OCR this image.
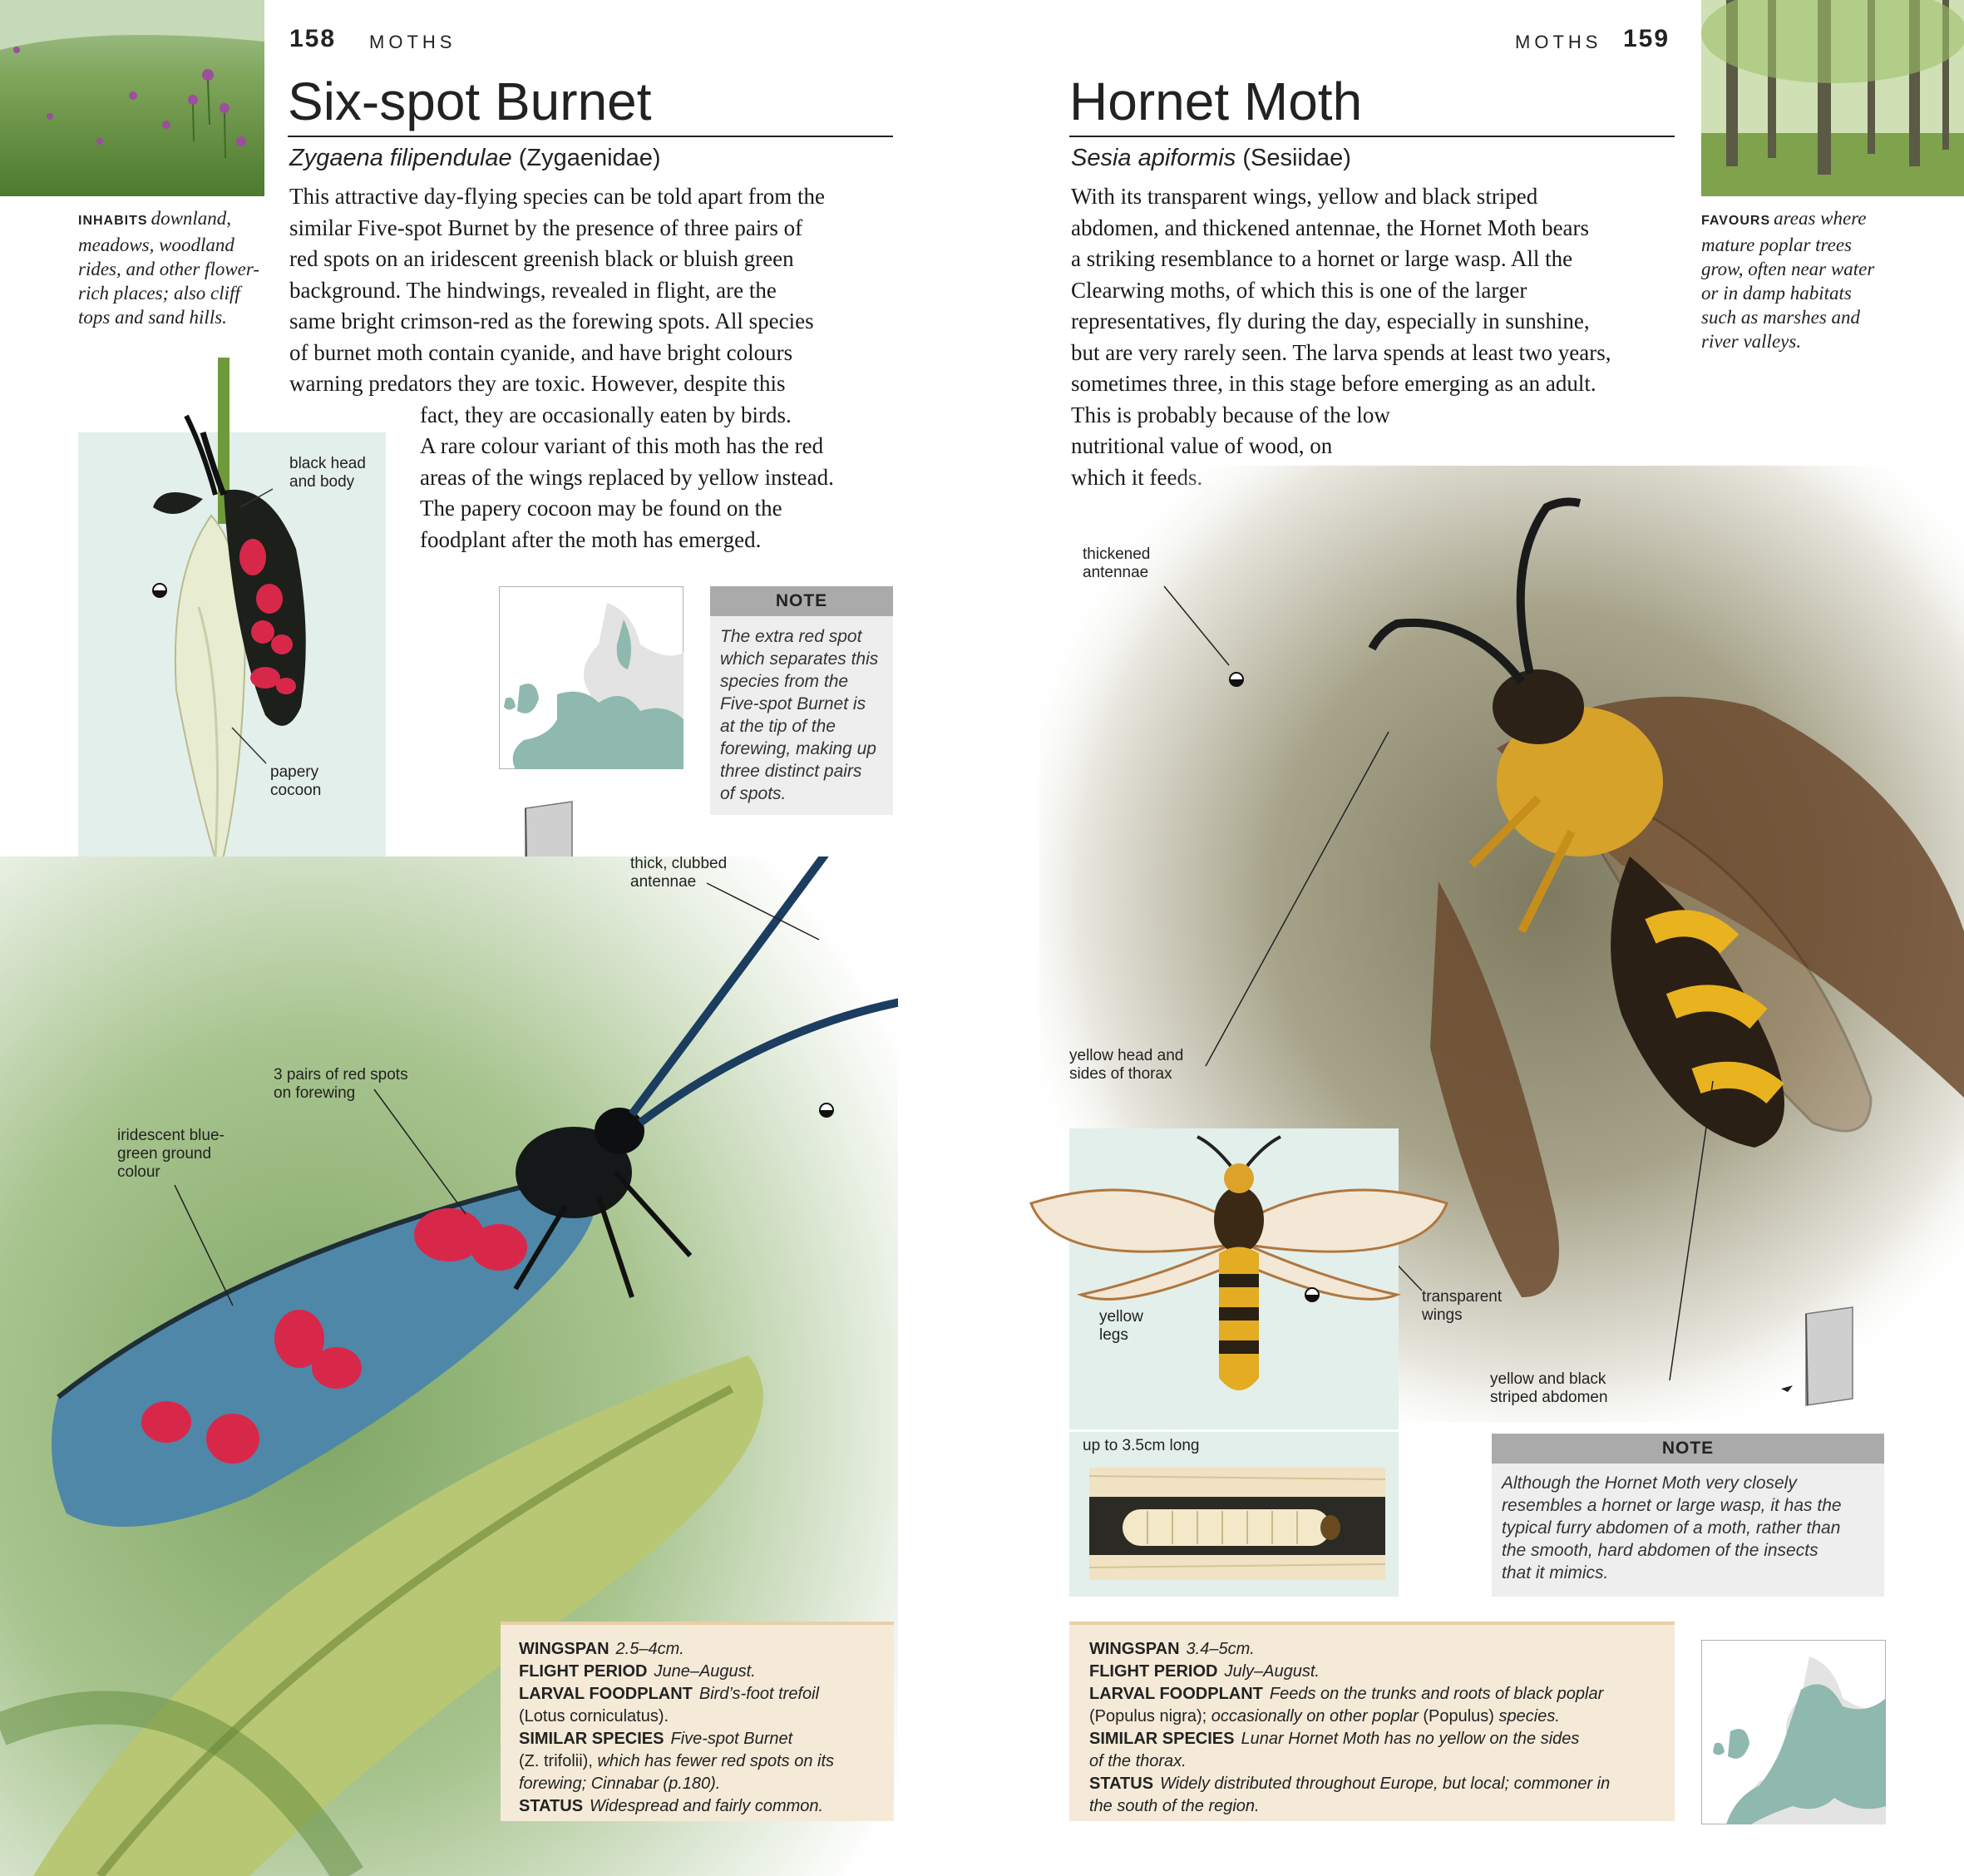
158 MOTHS
Six-spot Burnet
Zygaena filipendulae (Zygaenidae)
This attractive day-flying species can be told apart from the
similar Five-spot Burnet by the presence of three pairs of
red spots on an iridescent greenish black or bluish green
background. The hindwings, revealed in flight, are the
same bright crimson-red as the forewing spots. All species
of burnet moth contain cyanide, and have bright colours
warning predators they are toxic. However, despite this
fact, they are occasionally eaten by birds.
A rare colour variant of this moth has the red
areas of the wings replaced by yellow instead.
The papery cocoon may be found on the
foodplant after the moth has emerged.
INHABITS downland,
meadows, woodland
rides, and other flower-
rich places; also cliff
tops and sand hills.
black head
and body
papery
cocoon
NOTE
The extra red spot
which separates this
species from the
Five-spot Burnet is
at the tip of the
forewing, making up
three distinct pairs
of spots.
thick, clubbed
antennae
3 pairs of red spots
on forewing
iridescent blue-
green ground
colour
WINGSPAN 2.5–4cm.
FLIGHT PERIOD June–August.
LARVAL FOODPLANT Bird’s-foot trefoil
(Lotus corniculatus).
SIMILAR SPECIES Five-spot Burnet
(Z. trifolii), which has fewer red spots on its
forewing; Cinnabar (p.180).
STATUS Widespread and fairly common.
MOTHS 159
Hornet Moth
Sesia apiformis (Sesiidae)
With its transparent wings, yellow and black striped
abdomen, and thickened antennae, the Hornet Moth bears
a striking resemblance to a hornet or large wasp. All the
Clearwing moths, of which this is one of the larger
representatives, fly during the day, especially in sunshine,
but are very rarely seen. The larva spends at least two years,
sometimes three, in this stage before emerging as an adult.
This is probably because of the low
nutritional value of wood, on
FAVOURS areas where
mature poplar trees
grow, often near water
or in damp habitats
such as marshes and
river valleys.
thickened
antennae
yellow head and
sides of thorax
yellow
legs
transparent
wings
yellow and black
striped abdomen
up to 3.5cm long	NOTE
Although the Hornet Moth very closely
resembles a hornet or large wasp, it has the
typical furry abdomen of a moth, rather than
the smooth, hard abdomen of the insects
that it mimics.
WINGSPAN 3.4–5cm.
FLIGHT PERIOD July–August.
LARVAL FOODPLANT Feeds on the trunks and roots of black poplar
(Populus nigra); occasionally on other poplar (Populus) species.
SIMILAR SPECIES Lunar Hornet Moth has no yellow on the sides
of the thorax.
STATUS Widely distributed throughout Europe, but local; commoner in
the south of the region.
